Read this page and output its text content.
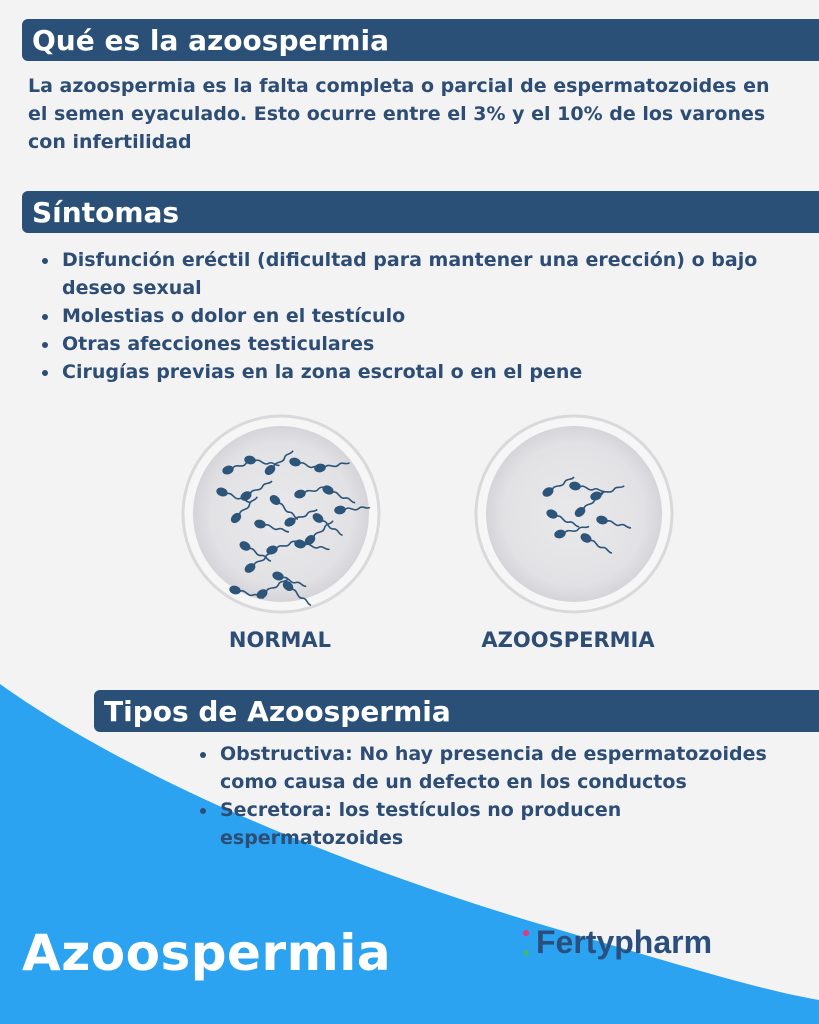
Qué es la azoospermia
La azoospermia es la falta completa o parcial de espermatozoides en el semen eyaculado. Esto ocurre entre el 3% y el 10% de los varones con infertilidad
Síntomas
Disfunción eréctil (dificultad para mantener una erección) o bajo deseo sexual
Molestias o dolor en el testículo
Otras afecciones testiculares
Cirugías previas en la zona escrotal o en el pene
NORMAL	AZOOSPERMIA
Tipos de Azoospermia
Obstructiva: No hay presencia de espermatozoides como causa de un defecto en los conductos
Secretora: los testículos no producen espermatozoides
Azoospermia	Fertypharm
